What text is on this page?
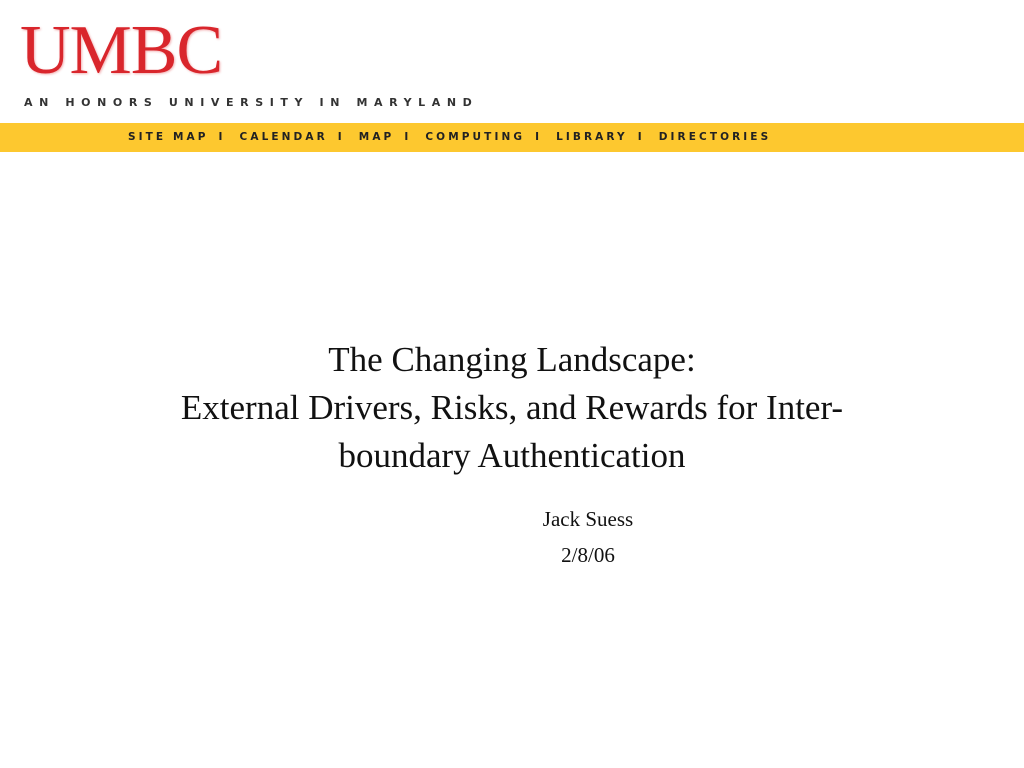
UMBC
AN HONORS UNIVERSITY IN MARYLAND
SITE MAP I CALENDAR I MAP I COMPUTING I LIBRARY I DIRECTORIES
The Changing Landscape:
External Drivers, Risks, and Rewards for Inter-
boundary Authentication
Jack Suess
2/8/06
